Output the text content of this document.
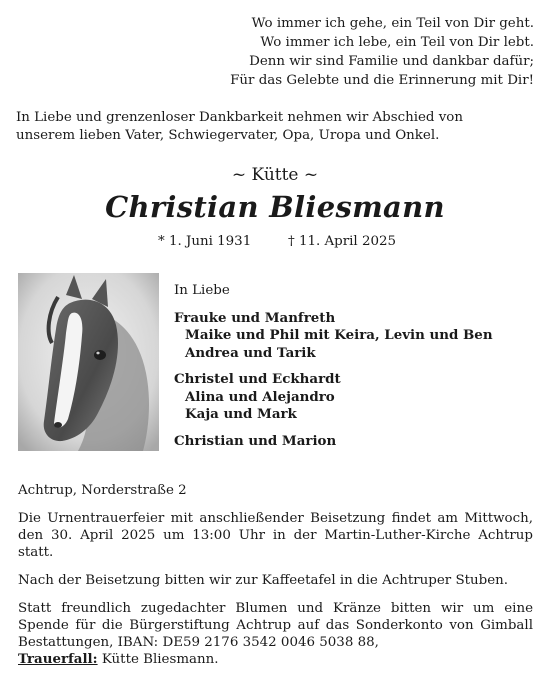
Wo immer ich gehe, ein Teil von Dir geht.
Wo immer ich lebe, ein Teil von Dir lebt.
Denn wir sind Familie und dankbar dafür;
Für das Gelebte und die Erinnerung mit Dir!
In Liebe und grenzenloser Dankbarkeit nehmen wir Abschied von
unserem lieben Vater, Schwiegervater, Opa, Uropa und Onkel.
~ Kütte ~
Christian Bliesmann
* 1. Juni 1931	† 11. April 2025
In Liebe
Frauke und Manfreth
Maike und Phil mit Keira, Levin und Ben
Andrea und Tarik
Christel und Eckhardt
Alina und Alejandro
Kaja und Mark
Christian und Marion

Achtrup, Norderstraße 2

Die Urnentrauerfeier mit anschließender Beisetzung findet am Mittwoch, den 30. April 2025 um 13:00 Uhr in der Martin-Luther-Kirche Achtrup statt.

Nach der Beisetzung bitten wir zur Kaffeetafel in die Achtruper Stuben.

Statt freundlich zugedachter Blumen und Kränze bitten wir um eine Spende für die Bürgerstiftung Achtrup auf das Sonderkonto von Gimball Bestattungen, IBAN: DE59 2176 3542 0046 5038 88,
Trauerfall: Kütte Bliesmann.
